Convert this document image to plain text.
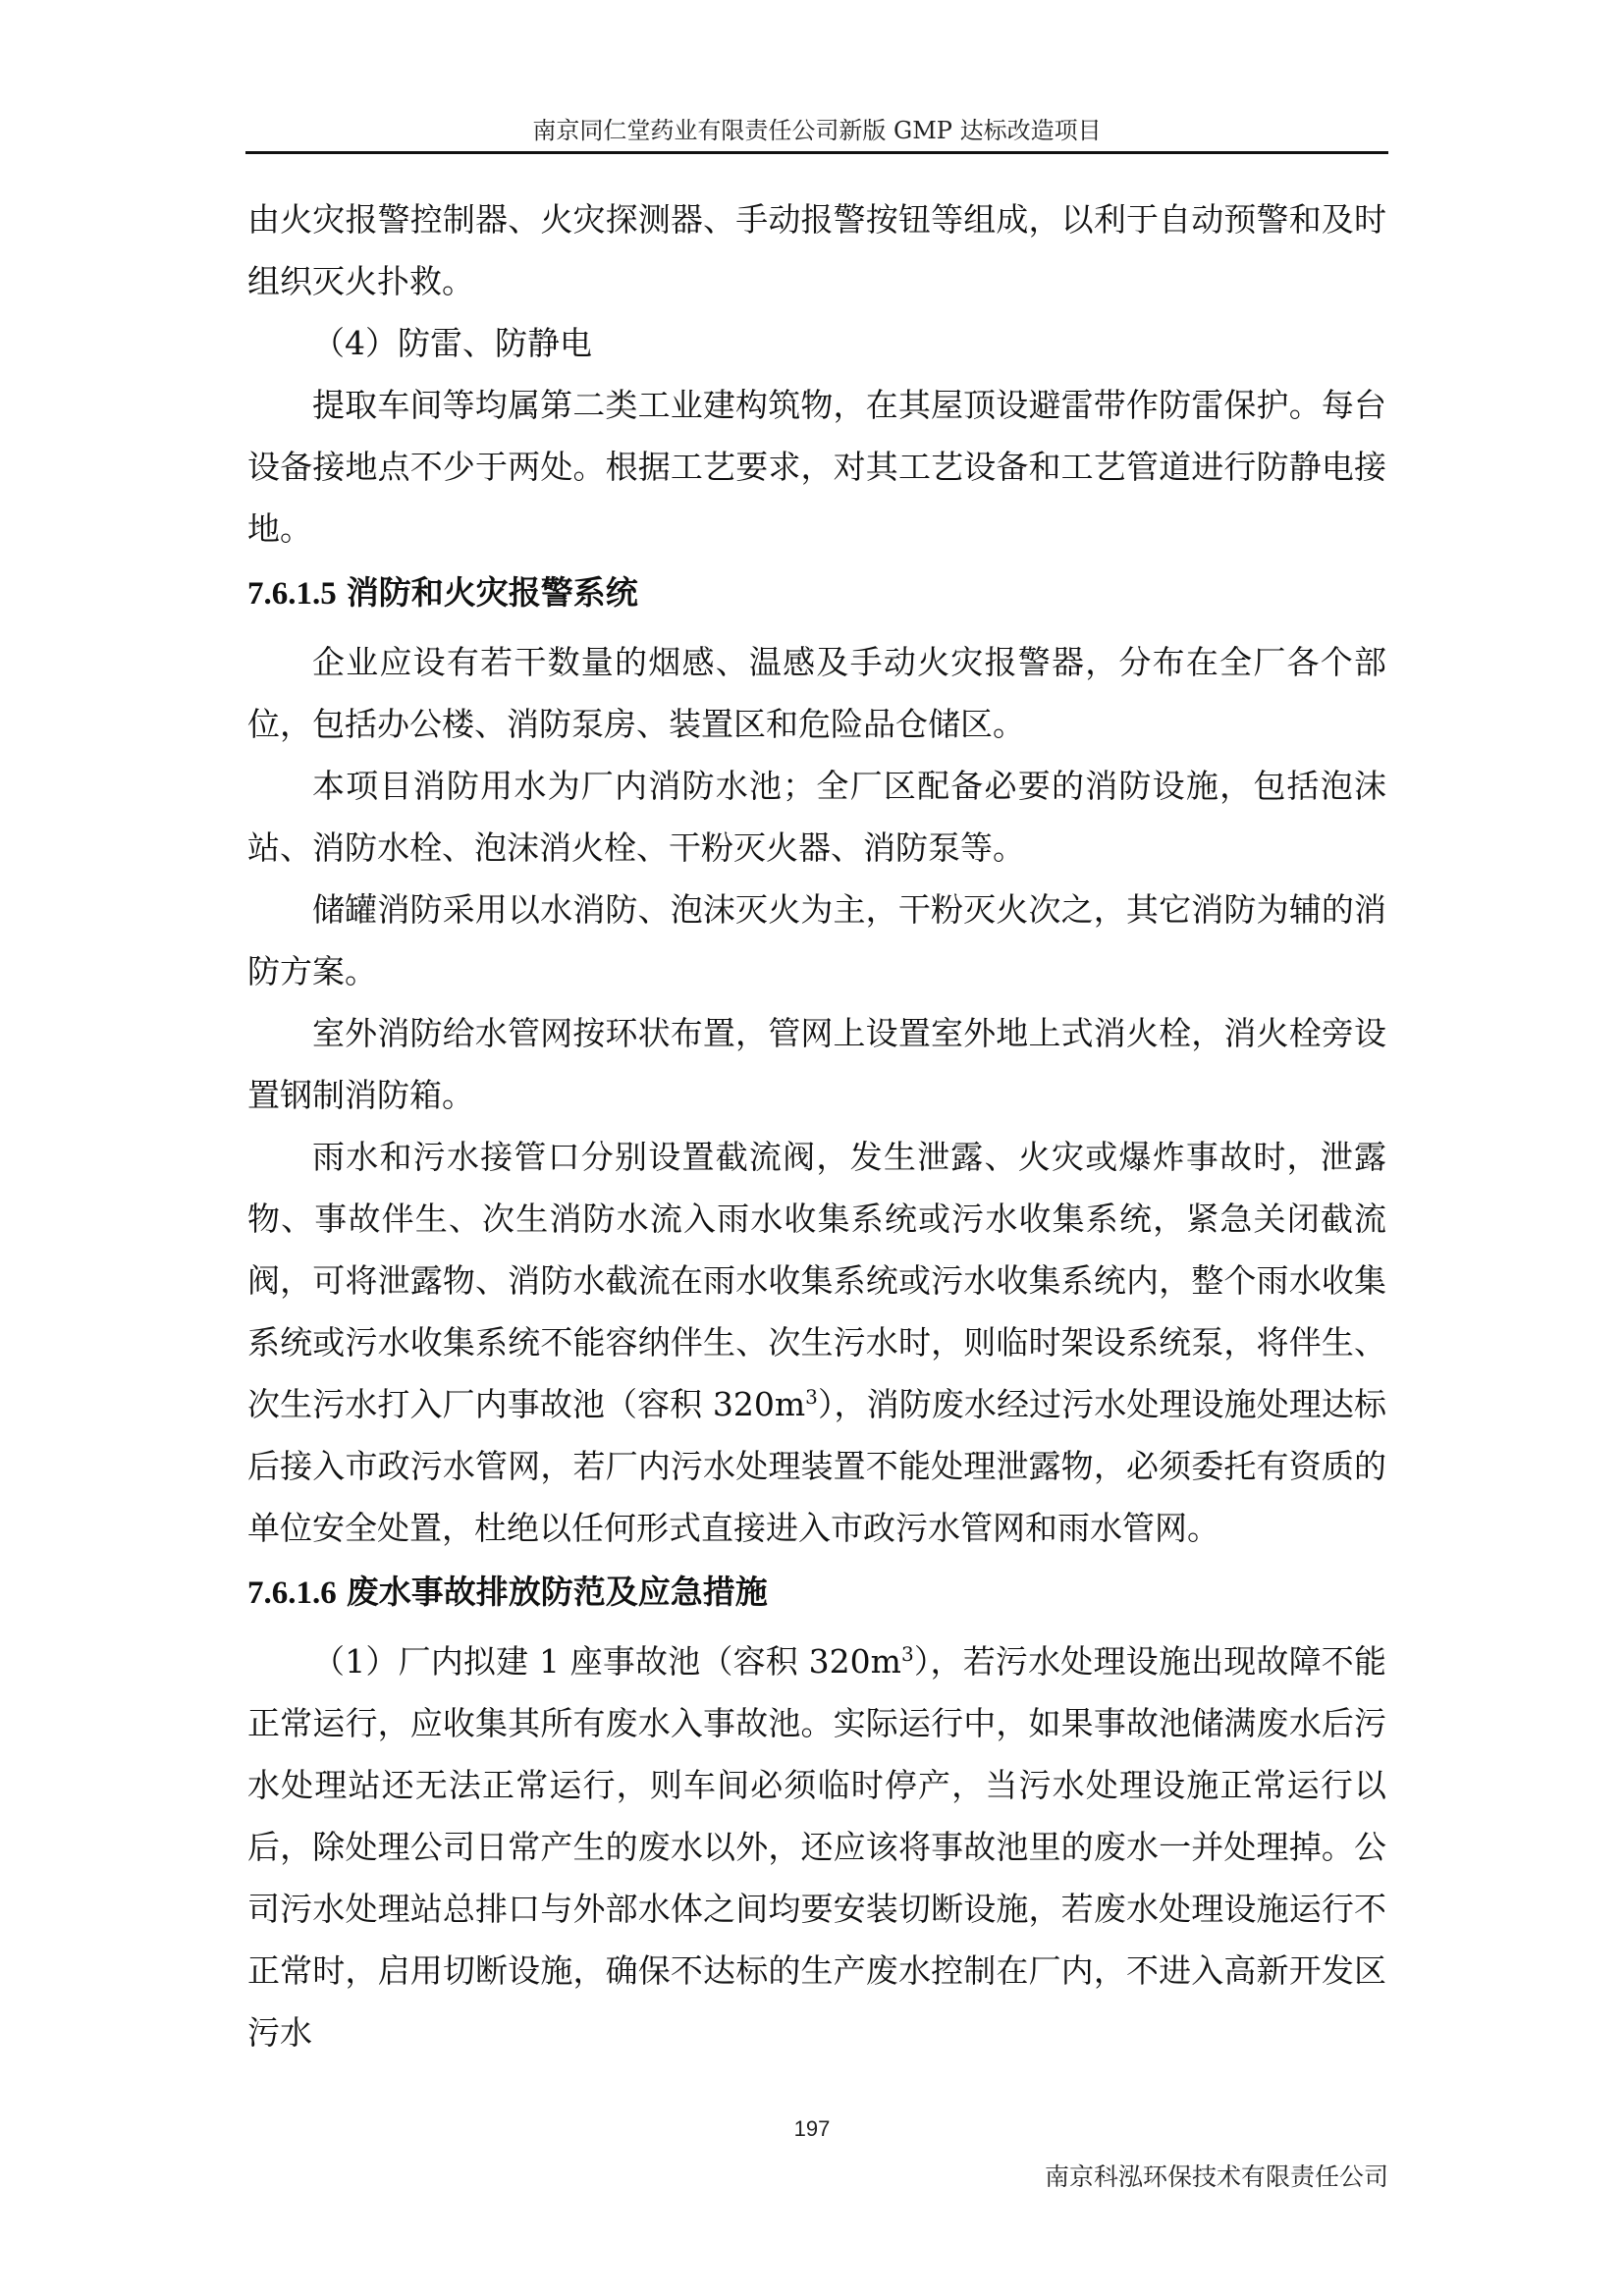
南京同仁堂药业有限责任公司新版 GMP 达标改造项目

由火灾报警控制器、火灾探测器、手动报警按钮等组成，以利于自动预警和及时组织灭火扑救。

（4）防雷、防静电

提取车间等均属第二类工业建构筑物，在其屋顶设避雷带作防雷保护。每台设备接地点不少于两处。根据工艺要求，对其工艺设备和工艺管道进行防静电接地。

7.6.1.5 消防和火灾报警系统

企业应设有若干数量的烟感、温感及手动火灾报警器，分布在全厂各个部位，包括办公楼、消防泵房、装置区和危险品仓储区。

本项目消防用水为厂内消防水池；全厂区配备必要的消防设施，包括泡沫站、消防水栓、泡沫消火栓、干粉灭火器、消防泵等。

储罐消防采用以水消防、泡沫灭火为主，干粉灭火次之，其它消防为辅的消防方案。

室外消防给水管网按环状布置，管网上设置室外地上式消火栓，消火栓旁设置钢制消防箱。

雨水和污水接管口分别设置截流阀，发生泄露、火灾或爆炸事故时，泄露物、事故伴生、次生消防水流入雨水收集系统或污水收集系统，紧急关闭截流阀，可将泄露物、消防水截流在雨水收集系统或污水收集系统内，整个雨水收集系统或污水收集系统不能容纳伴生、次生污水时，则临时架设系统泵，将伴生、次生污水打入厂内事故池（容积 $320m^3$），消防废水经过污水处理设施处理达标后接入市政污水管网，若厂内污水处理装置不能处理泄露物，必须委托有资质的单位安全处置，杜绝以任何形式直接进入市政污水管网和雨水管网。

7.6.1.6 废水事故排放防范及应急措施

（1）厂内拟建 1 座事故池（容积 $320m^3$），若污水处理设施出现故障不能正常运行，应收集其所有废水入事故池。实际运行中，如果事故池储满废水后污水处理站还无法正常运行，则车间必须临时停产，当污水处理设施正常运行以后，除处理公司日常产生的废水以外，还应该将事故池里的废水一并处理掉。公司污水处理站总排口与外部水体之间均要安装切断设施，若废水处理设施运行不正常时，启用切断设施，确保不达标的生产废水控制在厂内，不进入高新开发区污水

197
南京科泓环保技术有限责任公司
